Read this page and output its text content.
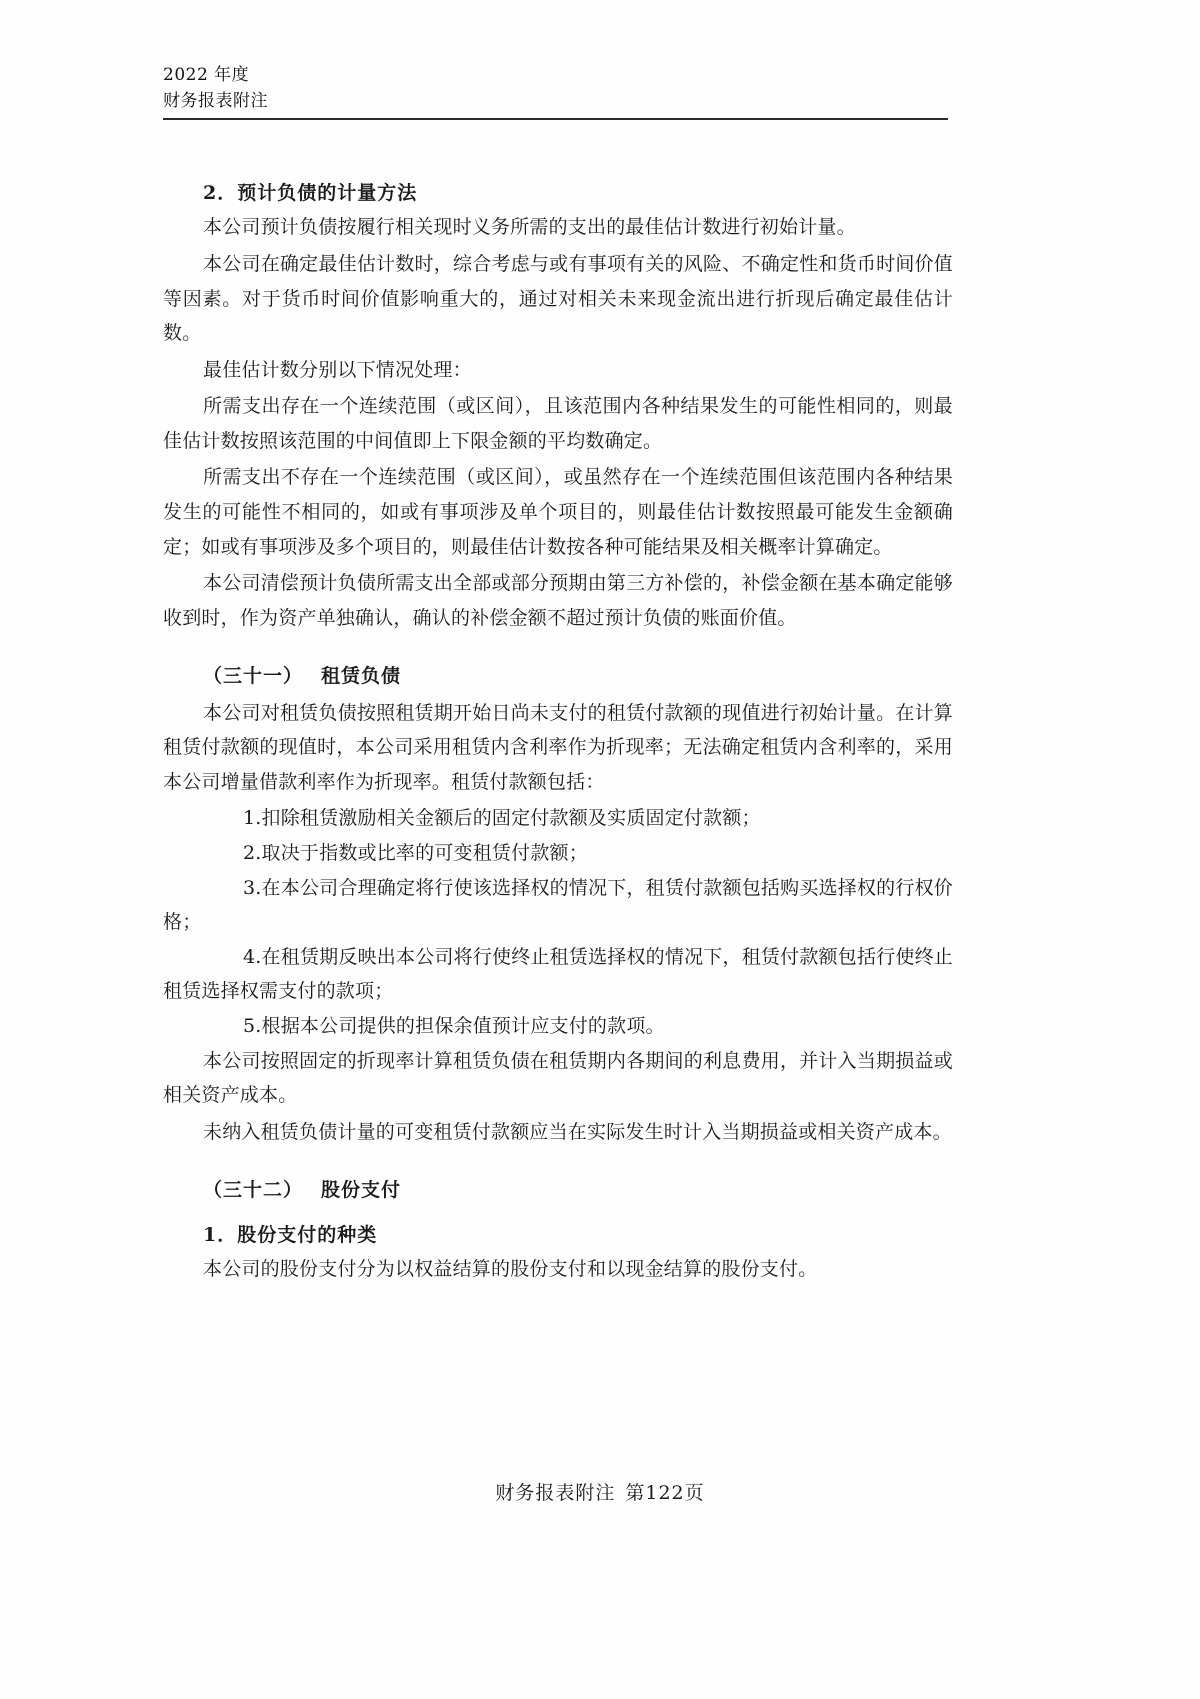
2022 年度
财务报表附注
2．预计负债的计量方法

本公司预计负债按履行相关现时义务所需的支出的最佳估计数进行初始计量。

本公司在确定最佳估计数时，综合考虑与或有事项有关的风险、不确定性和货币时间价值等因素。对于货币时间价值影响重大的，通过对相关未来现金流出进行折现后确定最佳估计数。

最佳估计数分别以下情况处理：

所需支出存在一个连续范围（或区间），且该范围内各种结果发生的可能性相同的，则最佳估计数按照该范围的中间值即上下限金额的平均数确定。

所需支出不存在一个连续范围（或区间），或虽然存在一个连续范围但该范围内各种结果发生的可能性不相同的，如或有事项涉及单个项目的，则最佳估计数按照最可能发生金额确定；如或有事项涉及多个项目的，则最佳估计数按各种可能结果及相关概率计算确定。

本公司清偿预计负债所需支出全部或部分预期由第三方补偿的，补偿金额在基本确定能够收到时，作为资产单独确认，确认的补偿金额不超过预计负债的账面价值。

（三十一） 租赁负债

本公司对租赁负债按照租赁期开始日尚未支付的租赁付款额的现值进行初始计量。在计算租赁付款额的现值时，本公司采用租赁内含利率作为折现率；无法确定租赁内含利率的，采用本公司增量借款利率作为折现率。租赁付款额包括：

1.扣除租赁激励相关金额后的固定付款额及实质固定付款额；

2.取决于指数或比率的可变租赁付款额；

3.在本公司合理确定将行使该选择权的情况下，租赁付款额包括购买选择权的行权价格；

4.在租赁期反映出本公司将行使终止租赁选择权的情况下，租赁付款额包括行使终止租赁选择权需支付的款项；

5.根据本公司提供的担保余值预计应支付的款项。

本公司按照固定的折现率计算租赁负债在租赁期内各期间的利息费用，并计入当期损益或相关资产成本。

未纳入租赁负债计量的可变租赁付款额应当在实际发生时计入当期损益或相关资产成本。

（三十二） 股份支付
1．股份支付的种类

本公司的股份支付分为以权益结算的股份支付和以现金结算的股份支付。

财务报表附注 第122页
